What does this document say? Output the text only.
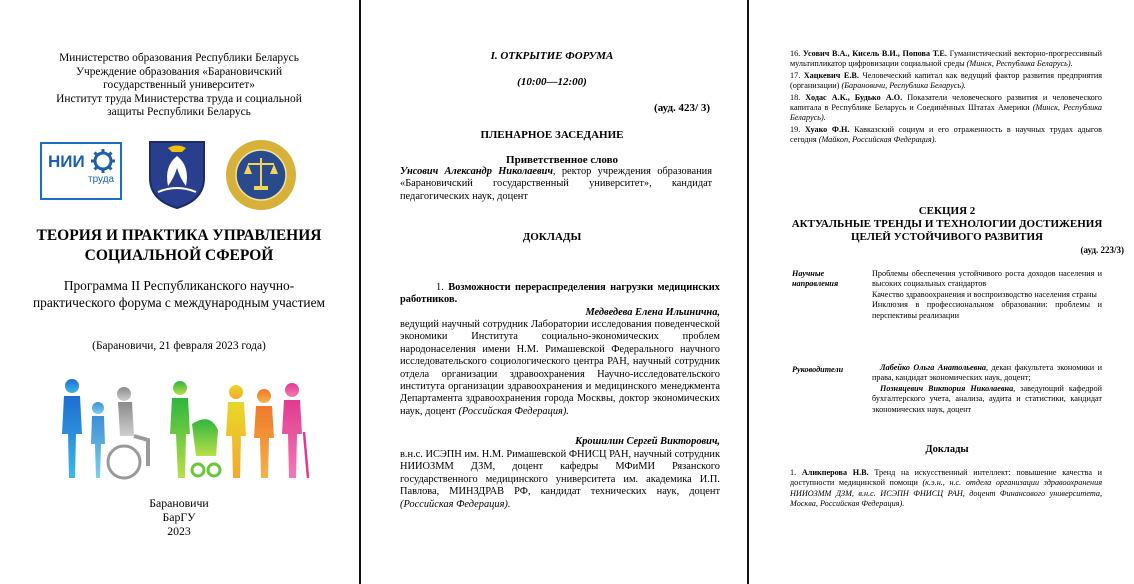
Министерство образования Республики Беларусь

Учреждение образования «Барановичский государственный университет»

Институт труда Министерства труда и социальной защиты Республики Беларусь

НИИ
труда
ТЕОРИЯ И ПРАКТИКА УПРАВЛЕНИЯ СОЦИАЛЬНОЙ СФЕРОЙ
Программа II Республиканского научно-практического форума с международным участием
(Барановичи, 21 февраля 2023 года)

Барановичи

БарГУ

2023

I. ОТКРЫТИЕ ФОРУМА
(10:00—12:00)
(ауд. 423/ 3)
ПЛЕНАРНОЕ ЗАСЕДАНИЕ
Приветственное слово
Унсович Александр Николаевич, ректор учреждения образования «Барановичский государственный университет», кандидат педагогических наук, доцент
ДОКЛАДЫ
1. Возможности перераспределения нагрузки медицинских работников.
Медведева Елена Ильинична,
ведущий научный сотрудник Лаборатории исследования поведенческой экономики Института социально-экономических проблем народонаселения имени Н.М. Римашевской Федерального научного исследовательского социологического центра РАН, научный сотрудник отдела организации здравоохранения Научно-исследовательского института организации здравоохранения и медицинского менеджмента Департамента здравоохранения города Москвы, доктор экономических наук, доцент (Российская Федерация).
Крошилин Сергей Викторович,
в.н.с. ИСЭПН им. Н.М. Римашевской ФНИСЦ РАН, научный сотрудник НИИОЗММ ДЗМ, доцент кафедры МФиМИ Рязанского государственного медицинского университета им. академика И.П. Павлова, МИНЗДРАВ РФ, кандидат технических наук, доцент (Российская Федерация).

16. Усович В.А., Кисель В.И., Попова Т.Е. Гуманистический векторно-прогрессивный мультипликатор цифровизации социальной среды (Минск, Республика Беларусь).

17. Хацкевич Е.В. Человеческий капитал как ведущий фактор развития предприятия (организации) (Барановичи, Республика Беларусь).

18. Ходас А.К., Будько А.О. Показатели человеческого развития и человеческого капитала в Республике Беларусь и Соединённых Штатах Америки (Минск, Республика Беларусь).

19. Хуако Ф.Н. Кавказский социум и его отраженность в научных трудах адыгов сегодня (Майкоп, Российская Федерация).

СЕКЦИЯ 2
АКТУАЛЬНЫЕ ТРЕНДЫ И ТЕХНОЛОГИИ ДОСТИЖЕНИЯ ЦЕЛЕЙ УСТОЙЧИВОГО РАЗВИТИЯ
(ауд. 223/3)
Научные направления

Проблемы обеспечения устойчивого роста доходов населения и высоких социальных стандартов

Качество здравоохранения и воспроизводство населения страны

Инклюзия в профессиональном образовании: проблемы и перспективы реализации

Руководители	Лабейко Ольга Анатольевна, декан факультета экономики и права, кандидат экономических наук, доцент;

Позняцевич Виктория Николаевна, заведующий кафедрой бухгалтерского учета, анализа, аудита и статистики, кандидат экономических наук, доцент

Доклады
1. Аликперова Н.В. Тренд на искусственный интеллект: повышение качества и доступности медицинской помощи (к.э.н., н.с. отдела организации здравоохранения НИИОЗММ ДЗМ, в.н.с. ИСЭПН ФНИСЦ РАН, доцент Финансового университета, Москва, Российская Федерация).
